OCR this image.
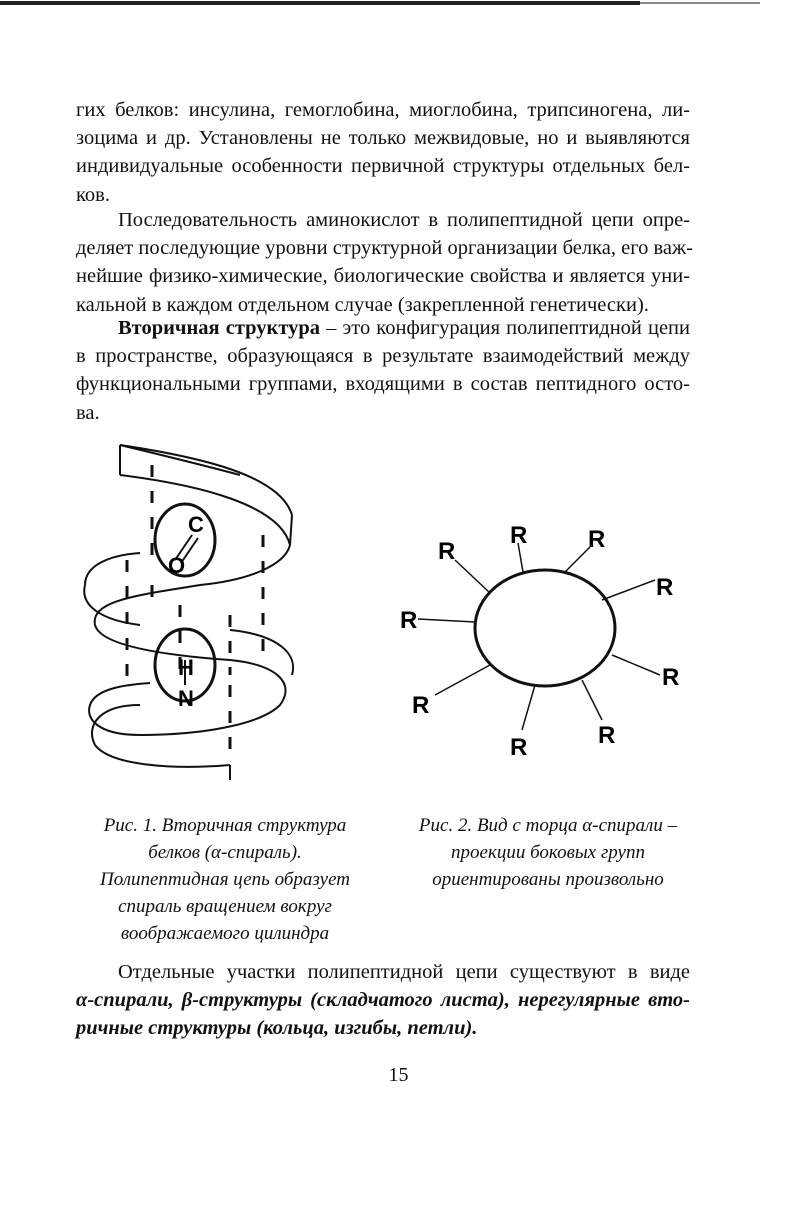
гих белков: инсулина, гемоглобина, миоглобина, трипсиногена, ли-
зоцима и др. Установлены не только межвидовые, но и выявляются
индивидуальные особенности первичной структуры отдельных бел-
ков.
Последовательность аминокислот в полипептидной цепи опре-
деляет последующие уровни структурной организации белка, его важ-
нейшие физико-химические, биологические свойства и является уни-
кальной в каждом отдельном случае (закрепленной генетически).
Вторичная структура – это конфигурация полипептидной цепи
в пространстве, образующаяся в результате взаимодействий между
функциональными группами, входящими в состав пептидного осто-
ва.
C
O
H
N
R
R	R
R
R
R
R
R	R
Рис. 1. Вторичная структура
белков (α-спираль).
Полипептидная цепь образует
спираль вращением вокруг
воображаемого цилиндра
Рис. 2. Вид с торца α-спирали –
проекции боковых групп
ориентированы произвольно
Отдельные участки полипептидной цепи существуют в виде
α-спирали, β-структуры (складчатого листа), нерегулярные вто-
ричные структуры (кольца, изгибы, петли).
15
